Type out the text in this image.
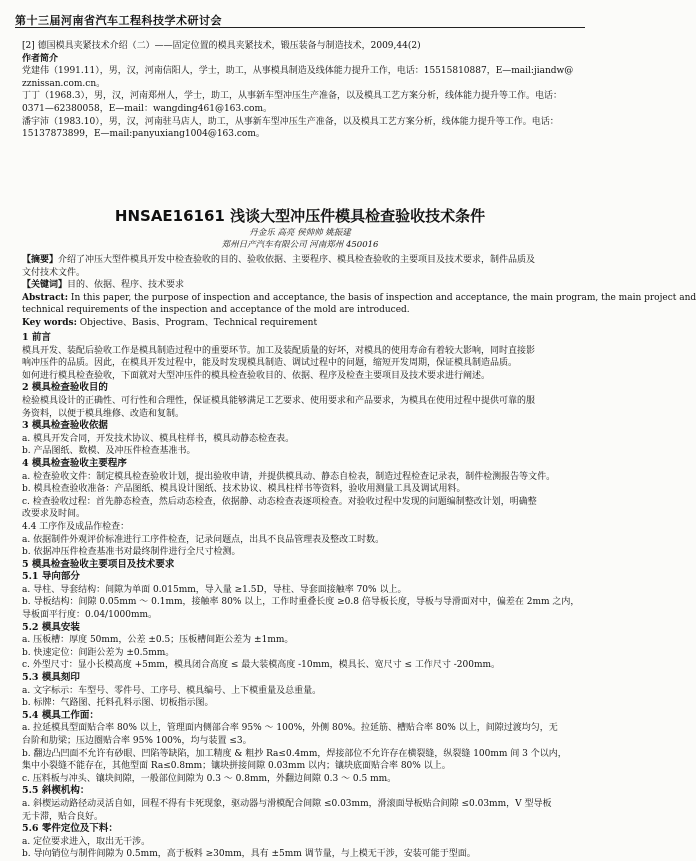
第十三届河南省汽车工程科技学术研讨会
[2] 德国模具夹紧技术介绍（二）——固定位置的模具夹紧技术，锻压装备与制造技术，2009,44(2)
作者简介
党建伟（1991.11），男，汉，河南信阳人，学士，助工，从事模具制造及线体能力提升工作，电话：15515810887，E—mail:jiandw@
zznissan.com.cn。
丁丁（1968.3），男，汉，河南郑州人，学士，助工，从事新车型冲压生产准备，以及模具工艺方案分析，线体能力提升等工作。电话：
0371—62380058，E—mail：wangding461@163.com。
潘宇沛（1983.10），男，汉，河南驻马店人，助工，从事新车型冲压生产准备，以及模具工艺方案分析，线体能力提升等工作。电话：
15137873899，E—mail:panyuxiang1004@163.com。
HNSAE16161 浅谈大型冲压件模具检查验收技术条件
丹金乐 高亮 侯帅帅 姚振建
郑州日产汽车有限公司 河南郑州 450016
【摘要】介绍了冲压大型件模具开发中检查验收的目的、验收依据、主要程序、模具检查验收的主要项目及技术要求，制件品质及
文付技术文件。
【关键词】目的、依据、程序、技术要求
Abstract: In this paper, the purpose of inspection and acceptance, the basis of inspection and acceptance, the main program, the main project and
technical requirements of the inspection and acceptance of the mold are introduced.
Key words: Objective、Basis、Program、Technical requirement
1 前言
模具开发、装配后验收工作是模具制造过程中的重要环节。加工及装配质量的好坏，对模具的使用寿命有着较大影响，同时直接影
响冲压件的品质。因此，在模具开发过程中，能及时发现模具制造、调试过程中的问题，缩短开发周期，保证模具制造品质。
如何进行模具检查验收，下面就对大型冲压件的模具检查验收目的、依据、程序及检查主要项目及技术要求进行阐述。
2 模具检查验收目的
检验模具设计的正确性、可行性和合理性，保证模具能够满足工艺要求、使用要求和产品要求，为模具在使用过程中提供可靠的服
务资料，以便于模具维修、改造和复制。
3 模具检查验收依据
a. 模具开发合同，开发技术协议、模具柱样书，模具动静态检查表。
b. 产品图纸、数模、及冲压件检查基准书。
4 模具检查验收主要程序
a. 检查验收文件：制定模具检查验收计划，提出验收申请，并提供模具动、静态自检表，制造过程检查记录表，制件检测报告等文件。
b. 模具检查验收准备：产品图纸、模具设计图纸、技术协议、模具柱样书等资料，验收用测量工具及调试用料。
c. 检查验收过程：首先静态检查，然后动态检查，依据静、动态检查表逐项检查。对验收过程中发现的问题编制整改计划，明确整
改要求及时间。
4.4 工序作及成品作检查：
a. 依据制件外观评价标准进行工序件检查，记录问题点，出具不良品管理表及整改工时数。
b. 依据冲压件检查基准书对最终制件进行全尺寸检测。
5 模具检查验收主要项目及技术要求
5.1 导向部分
a. 导柱、导套结构：间隙为单面 0.015mm，导入量 ≥1.5D，导柱、导套面接触率 70% 以上。
b. 导板结构：间隙 0.05mm ～ 0.1mm，接触率 80% 以上，工作时重叠长度 ≥0.8 倍导板长度，导板与导滑面对中，偏差在 2mm 之内，
导板面平行度：0.04/1000mm。
5.2 模具安装
a. 压板槽：厚度 50mm，公差 ±0.5；压板槽间距公差为 ±1mm。
b. 快速定位：间距公差为 ±0.5mm。
c. 外型尺寸：显小长模高度 +5mm，模具闭合高度 ≤ 最大装模高度 -10mm，模具长、宽尺寸 ≤ 工作尺寸 -200mm。
5.3 模具刻印
a. 文字标示：车型号、零件号、工序号、模具编号、上下模重量及总重量。
b. 标牌：气路图、托料孔料示图、切板指示图。
5.4 模具工作面：
a. 拉延模具型面贴合率 80% 以上，管理面内侧部合率 95% ～ 100%，外侧 80%。拉延筋、槽贴合率 80% 以上，间隙过渡均匀，无
台阶和肋梁；压边圈贴合率 95% 100%，均与装置 ≤3。
b. 翻边凸凹面不允许有砂眼、凹陷等缺陷，加工精度 & 粗抄 Ra≤0.4mm，焊接部位不允许存在横裂缝，纵裂缝 100mm 间 3 个以内，
集中小裂缝不能存在，其他型面 Ra≤0.8mm；镶块拼接间隙 0.03mm 以内；镶块底面贴合率 80% 以上。
c. 压料板与冲头、镶块间隙，一般部位间隙为 0.3 ～ 0.8mm，外翻边间隙 0.3 ～ 0.5 mm。
5.5 斜楔机构：
a. 斜楔运动路径动灵活自如，回程不得有卡死现象，驱动器与滑模配合间隙 ≤0.03mm，滑滚面导板贴合间隙 ≤0.03mm，V 型导板
无卡滞，贴合良好。
5.6 零件定位及下料：
a. 定位要求进入，取出无干涉。
b. 导向销位与制件间隙为 0.5mm，高于板料 ≥30mm，具有 ±5mm 调节量，与上模无干涉，安装可能于型面。
